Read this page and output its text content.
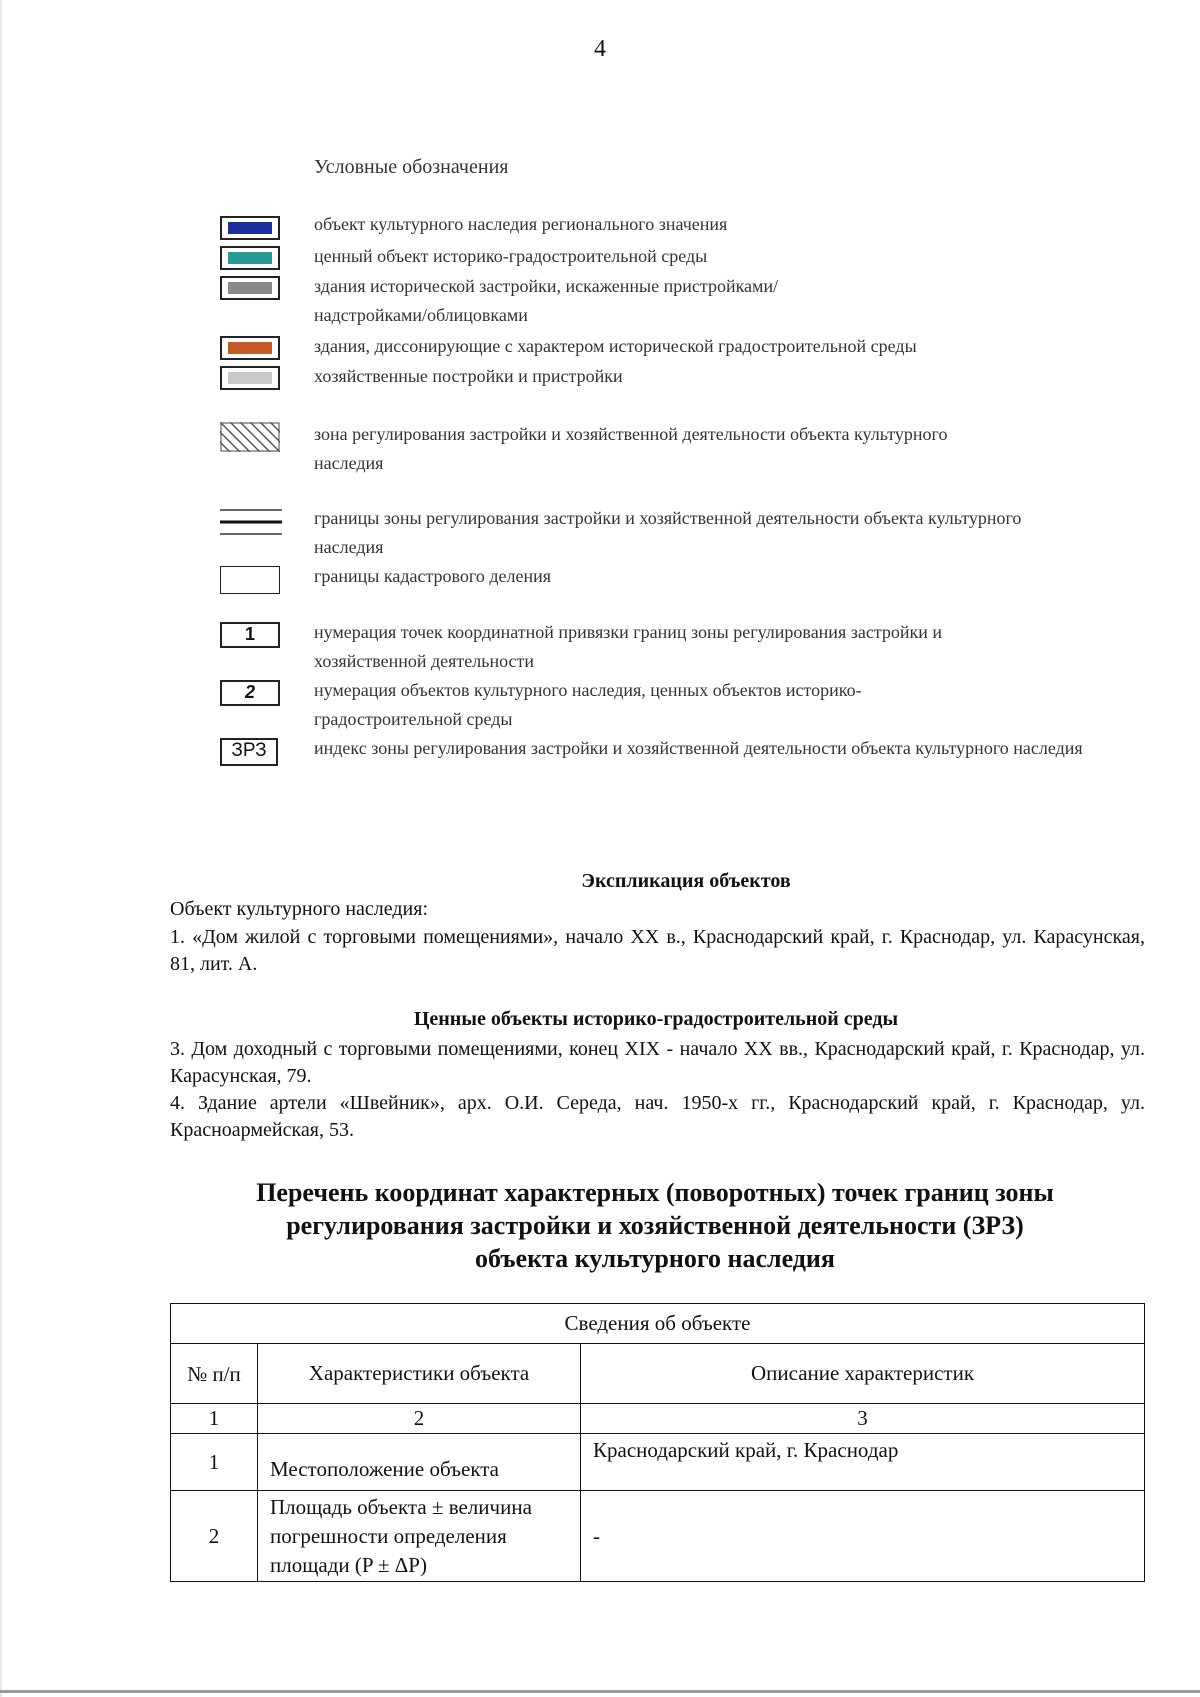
4
Условные обозначения
объект культурного наследия регионального значения
ценный объект историко-градостроительной среды
здания исторической застройки, искаженные пристройками/надстройками/облицовками
здания, диссонирующие с характером исторической градостроительной среды
хозяйственные постройки и пристройки
зона регулирования застройки и хозяйственной деятельности объекта культурного наследия
границы зоны регулирования застройки и хозяйственной деятельности объекта культурного наследия
границы кадастрового деления
1	нумерация точек координатной привязки границ зоны регулирования застройки и хозяйственной деятельности
2	нумерация объектов культурного наследия, ценных объектов историко-градостроительной среды
ЗРЗ	индекс зоны регулирования застройки и хозяйственной деятельности объекта культурного наследия
Экспликация объектов
Объект культурного наследия:
1. «Дом жилой с торговыми помещениями», начало XX в., Краснодарский край, г. Краснодар, ул. Карасунская, 81, лит. А.
Ценные объекты историко-градостроительной среды
3. Дом доходный с торговыми помещениями, конец XIX - начало XX вв., Краснодарский край, г. Краснодар, ул. Карасунская, 79.
4. Здание артели «Швейник», арх. О.И. Середа, нач. 1950-х гг., Краснодарский край, г. Краснодар, ул. Красноармейская, 53.
Перечень координат характерных (поворотных) точек границ зоны
регулирования застройки и хозяйственной деятельности (ЗРЗ)
объекта культурного наследия
Сведения об объекте		
№ п/п	Характеристики объекта	Описание характеристик
1	2	3
1	Местоположение объекта	Краснодарский край, г. Краснодар
2	Площадь объекта ± величина погрешности определения площади (P ± ΔP)	-
